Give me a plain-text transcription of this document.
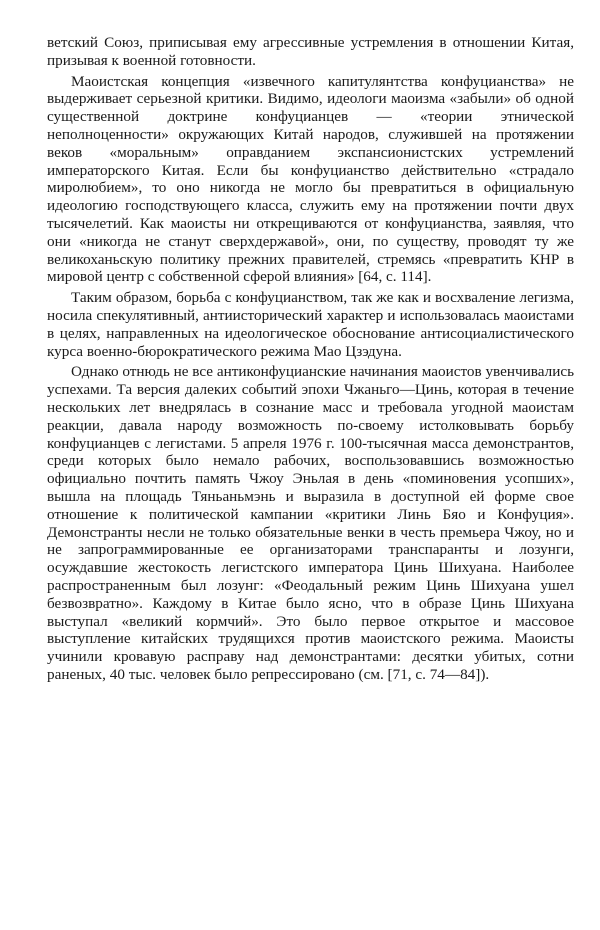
ветский Союз, приписывая ему агрессивные устремления в отношении Китая, призывая к военной готовности.

Маоистская концепция «извечного капитулянтства конфуцианства» не выдерживает серьезной критики. Видимо, идеологи маоизма «забыли» об одной существенной доктрине конфуцианцев — «теории этнической неполноценности» окружающих Китай народов, служившей на протяжении веков «моральным» оправданием экспансионистских устремлений императорского Китая. Если бы конфуцианство действительно «страдало миролюбием», то оно никогда не могло бы превратиться в официальную идеологию господствующего класса, служить ему на протяжении почти двух тысячелетий. Как маоисты ни открещиваются от конфуцианства, заявляя, что они «никогда не станут сверхдержавой», они, по существу, проводят ту же великоханьскую политику прежних правителей, стремясь «превратить КНР в мировой центр с собственной сферой влияния» [64, с. 114].

Таким образом, борьба с конфуцианством, так же как и восхваление легизма, носила спекулятивный, антиисторический характер и использовалась маоистами в целях, направленных на идеологическое обоснование антисоциалистического курса военно-бюрократического режима Мао Цзэдуна.

Однако отнюдь не все антиконфуцианские начинания маоистов увенчивались успехами. Та версия далеких событий эпохи Чжаньго—Цинь, которая в течение нескольких лет внедрялась в сознание масс и требовала угодной маоистам реакции, давала народу возможность по-своему истолковывать борьбу конфуцианцев с легистами. 5 апреля 1976 г. 100-тысячная масса демонстрантов, среди которых было немало рабочих, воспользовавшись возможностью официально почтить память Чжоу Эньлая в день «поминовения усопших», вышла на площадь Тяньаньмэнь и выразила в доступной ей форме свое отношение к политической кампании «критики Линь Бяо и Конфуция». Демонстранты несли не только обязательные венки в честь премьера Чжоу, но и не запрограммированные ее организаторами транспаранты и лозунги, осуждавшие жестокость легистского императора Цинь Шихуана. Наиболее распространенным был лозунг: «Феодальный режим Цинь Шихуана ушел безвозвратно». Каждому в Китае было ясно, что в образе Цинь Шихуана выступал «великий кормчий». Это было первое открытое и массовое выступление китайских трудящихся против маоистского режима. Маоисты учинили кровавую расправу над демонстрантами: десятки убитых, сотни раненых, 40 тыс. человек было репрессировано (см. [71, с. 74—84]).
